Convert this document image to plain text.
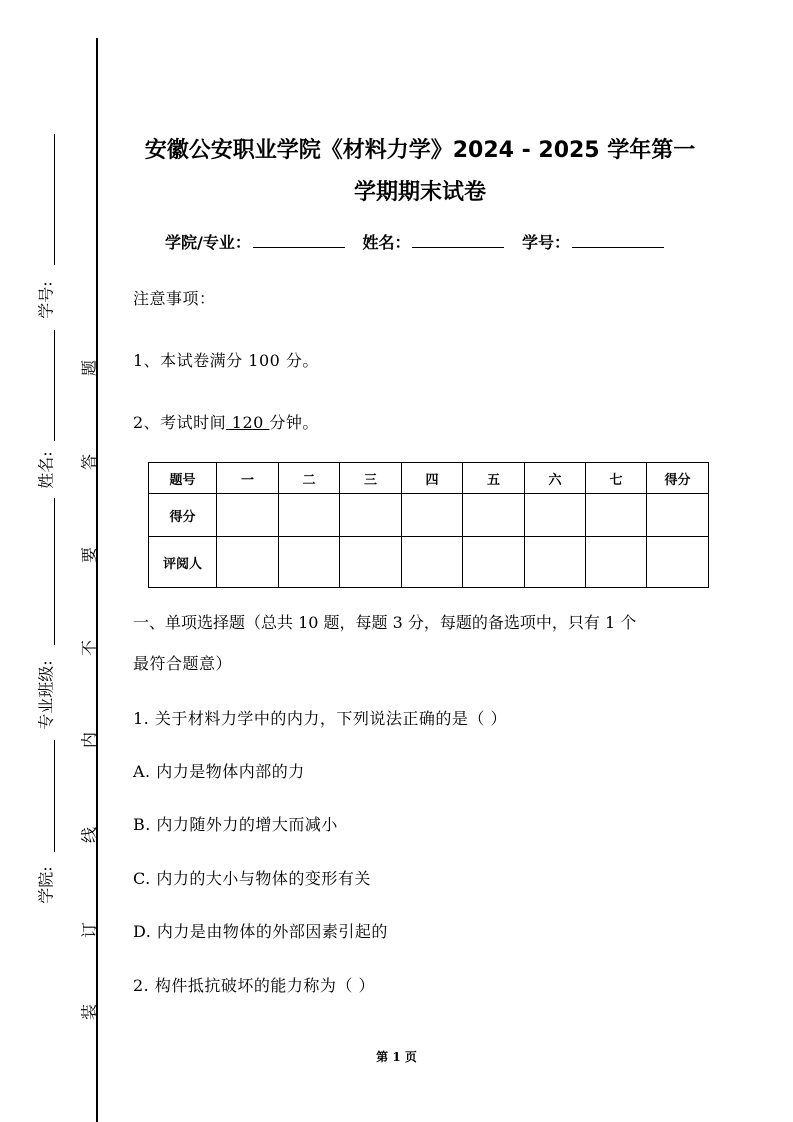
学号:
姓名:
专业班级:
学院:
题
答
要
不
内
线
订
装
安徽公安职业学院《材料力学》2024 - 2025 学年第一
学期期末试卷
学院/专业：	姓名：	学号：
注意事项：
1、本试卷满分 100 分。
2、考试时间 120 分钟。
题号	一	二	三	四	五	六	七	得分
得分								
评阅人								
一、单项选择题（总共 10 题，每题 3 分，每题的备选项中，只有 1 个
最符合题意）
1. 关于材料力学中的内力，下列说法正确的是（ ）
A. 内力是物体内部的力
B. 内力随外力的增大而减小
C. 内力的大小与物体的变形有关
D. 内力是由物体的外部因素引起的
2. 构件抵抗破坏的能力称为（ ）
第 1 页
